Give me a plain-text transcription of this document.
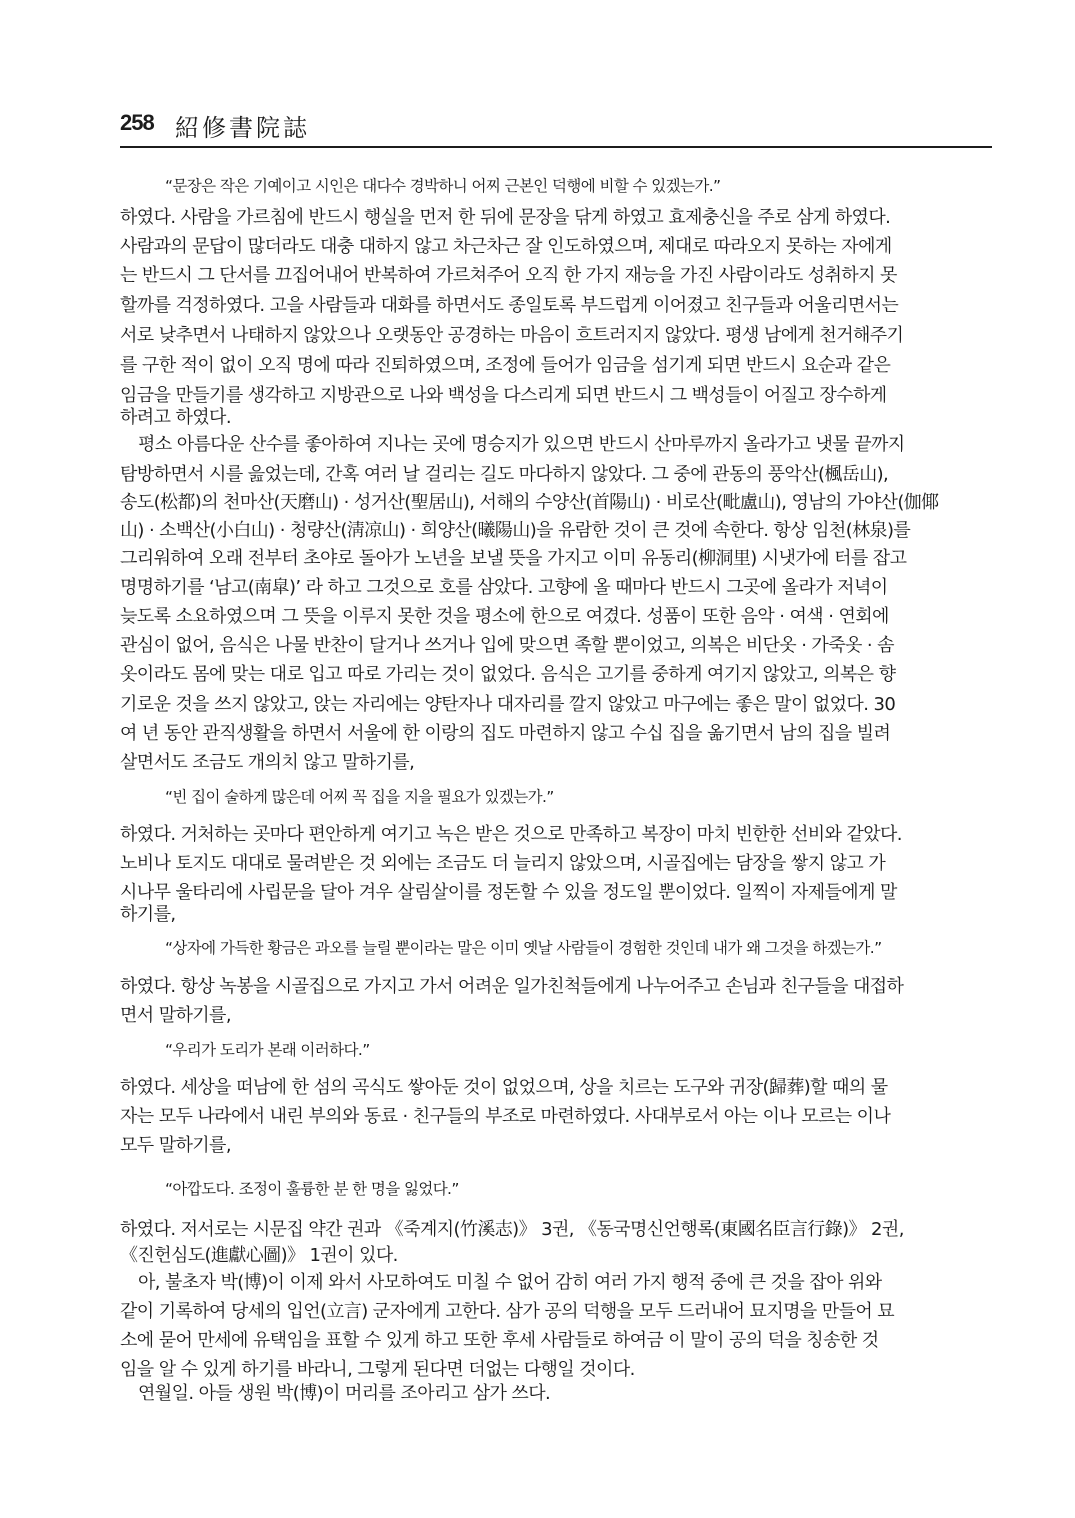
258 紹修書院誌
“문장은 작은 기예이고 시인은 대다수 경박하니 어찌 근본인 덕행에 비할 수 있겠는가.”
하였다. 사람을 가르침에 반드시 행실을 먼저 한 뒤에 문장을 닦게 하였고 효제충신을 주로 삼게 하였다.
사람과의 문답이 많더라도 대충 대하지 않고 차근차근 잘 인도하였으며, 제대로 따라오지 못하는 자에게
는 반드시 그 단서를 끄집어내어 반복하여 가르쳐주어 오직 한 가지 재능을 가진 사람이라도 성취하지 못
할까를 걱정하였다. 고을 사람들과 대화를 하면서도 종일토록 부드럽게 이어졌고 친구들과 어울리면서는
서로 낮추면서 나태하지 않았으나 오랫동안 공경하는 마음이 흐트러지지 않았다. 평생 남에게 천거해주기
를 구한 적이 없이 오직 명에 따라 진퇴하였으며, 조정에 들어가 임금을 섬기게 되면 반드시 요순과 같은
임금을 만들기를 생각하고 지방관으로 나와 백성을 다스리게 되면 반드시 그 백성들이 어질고 장수하게
하려고 하였다.
평소 아름다운 산수를 좋아하여 지나는 곳에 명승지가 있으면 반드시 산마루까지 올라가고 냇물 끝까지
탐방하면서 시를 읊었는데, 간혹 여러 날 걸리는 길도 마다하지 않았다. 그 중에 관동의 풍악산(楓岳山),
송도(松都)의 천마산(天磨山) · 성거산(聖居山), 서해의 수양산(首陽山) · 비로산(毗盧山), 영남의 가야산(伽倻
山) · 소백산(小白山) · 청량산(淸凉山) · 희양산(曦陽山)을 유람한 것이 큰 것에 속한다. 항상 임천(林泉)를
그리워하여 오래 전부터 초야로 돌아가 노년을 보낼 뜻을 가지고 이미 유동리(柳洞里) 시냇가에 터를 잡고
명명하기를 ‘남고(南皐)’ 라 하고 그것으로 호를 삼았다. 고향에 올 때마다 반드시 그곳에 올라가 저녁이
늦도록 소요하였으며 그 뜻을 이루지 못한 것을 평소에 한으로 여겼다. 성품이 또한 음악 · 여색 · 연회에
관심이 없어, 음식은 나물 반찬이 달거나 쓰거나 입에 맞으면 족할 뿐이었고, 의복은 비단옷 · 가죽옷 · 솜
옷이라도 몸에 맞는 대로 입고 따로 가리는 것이 없었다. 음식은 고기를 중하게 여기지 않았고, 의복은 향
기로운 것을 쓰지 않았고, 앉는 자리에는 양탄자나 대자리를 깔지 않았고 마구에는 좋은 말이 없었다. 30
여 년 동안 관직생활을 하면서 서울에 한 이랑의 집도 마련하지 않고 수십 집을 옮기면서 남의 집을 빌려
살면서도 조금도 개의치 않고 말하기를,
“빈 집이 술하게 많은데 어찌 꼭 집을 지을 필요가 있겠는가.”
하였다. 거처하는 곳마다 편안하게 여기고 녹은 받은 것으로 만족하고 복장이 마치 빈한한 선비와 같았다.
노비나 토지도 대대로 물려받은 것 외에는 조금도 더 늘리지 않았으며, 시골집에는 담장을 쌓지 않고 가
시나무 울타리에 사립문을 달아 겨우 살림살이를 정돈할 수 있을 정도일 뿐이었다. 일찍이 자제들에게 말
하기를,
“상자에 가득한 황금은 과오를 늘릴 뿐이라는 말은 이미 옛날 사람들이 경험한 것인데 내가 왜 그것을 하겠는가.”
하였다. 항상 녹봉을 시골집으로 가지고 가서 어려운 일가친척들에게 나누어주고 손님과 친구들을 대접하
면서 말하기를,
“우리가 도리가 본래 이러하다.”
하였다. 세상을 떠남에 한 섬의 곡식도 쌓아둔 것이 없었으며, 상을 치르는 도구와 귀장(歸葬)할 때의 물
자는 모두 나라에서 내린 부의와 동료 · 친구들의 부조로 마련하였다. 사대부로서 아는 이나 모르는 이나
모두 말하기를,
“아깝도다. 조정이 훌륭한 분 한 명을 잃었다.”
하였다. 저서로는 시문집 약간 권과 《죽계지(竹溪志)》 3권, 《동국명신언행록(東國名臣言行錄)》 2권,
《진헌심도(進獻心圖)》 1권이 있다.
아, 불초자 박(博)이 이제 와서 사모하여도 미칠 수 없어 감히 여러 가지 행적 중에 큰 것을 잡아 위와
같이 기록하여 당세의 입언(立言) 군자에게 고한다. 삼가 공의 덕행을 모두 드러내어 묘지명을 만들어 묘
소에 묻어 만세에 유택임을 표할 수 있게 하고 또한 후세 사람들로 하여금 이 말이 공의 덕을 칭송한 것
임을 알 수 있게 하기를 바라니, 그렇게 된다면 더없는 다행일 것이다.
연월일. 아들 생원 박(博)이 머리를 조아리고 삼가 쓰다.
